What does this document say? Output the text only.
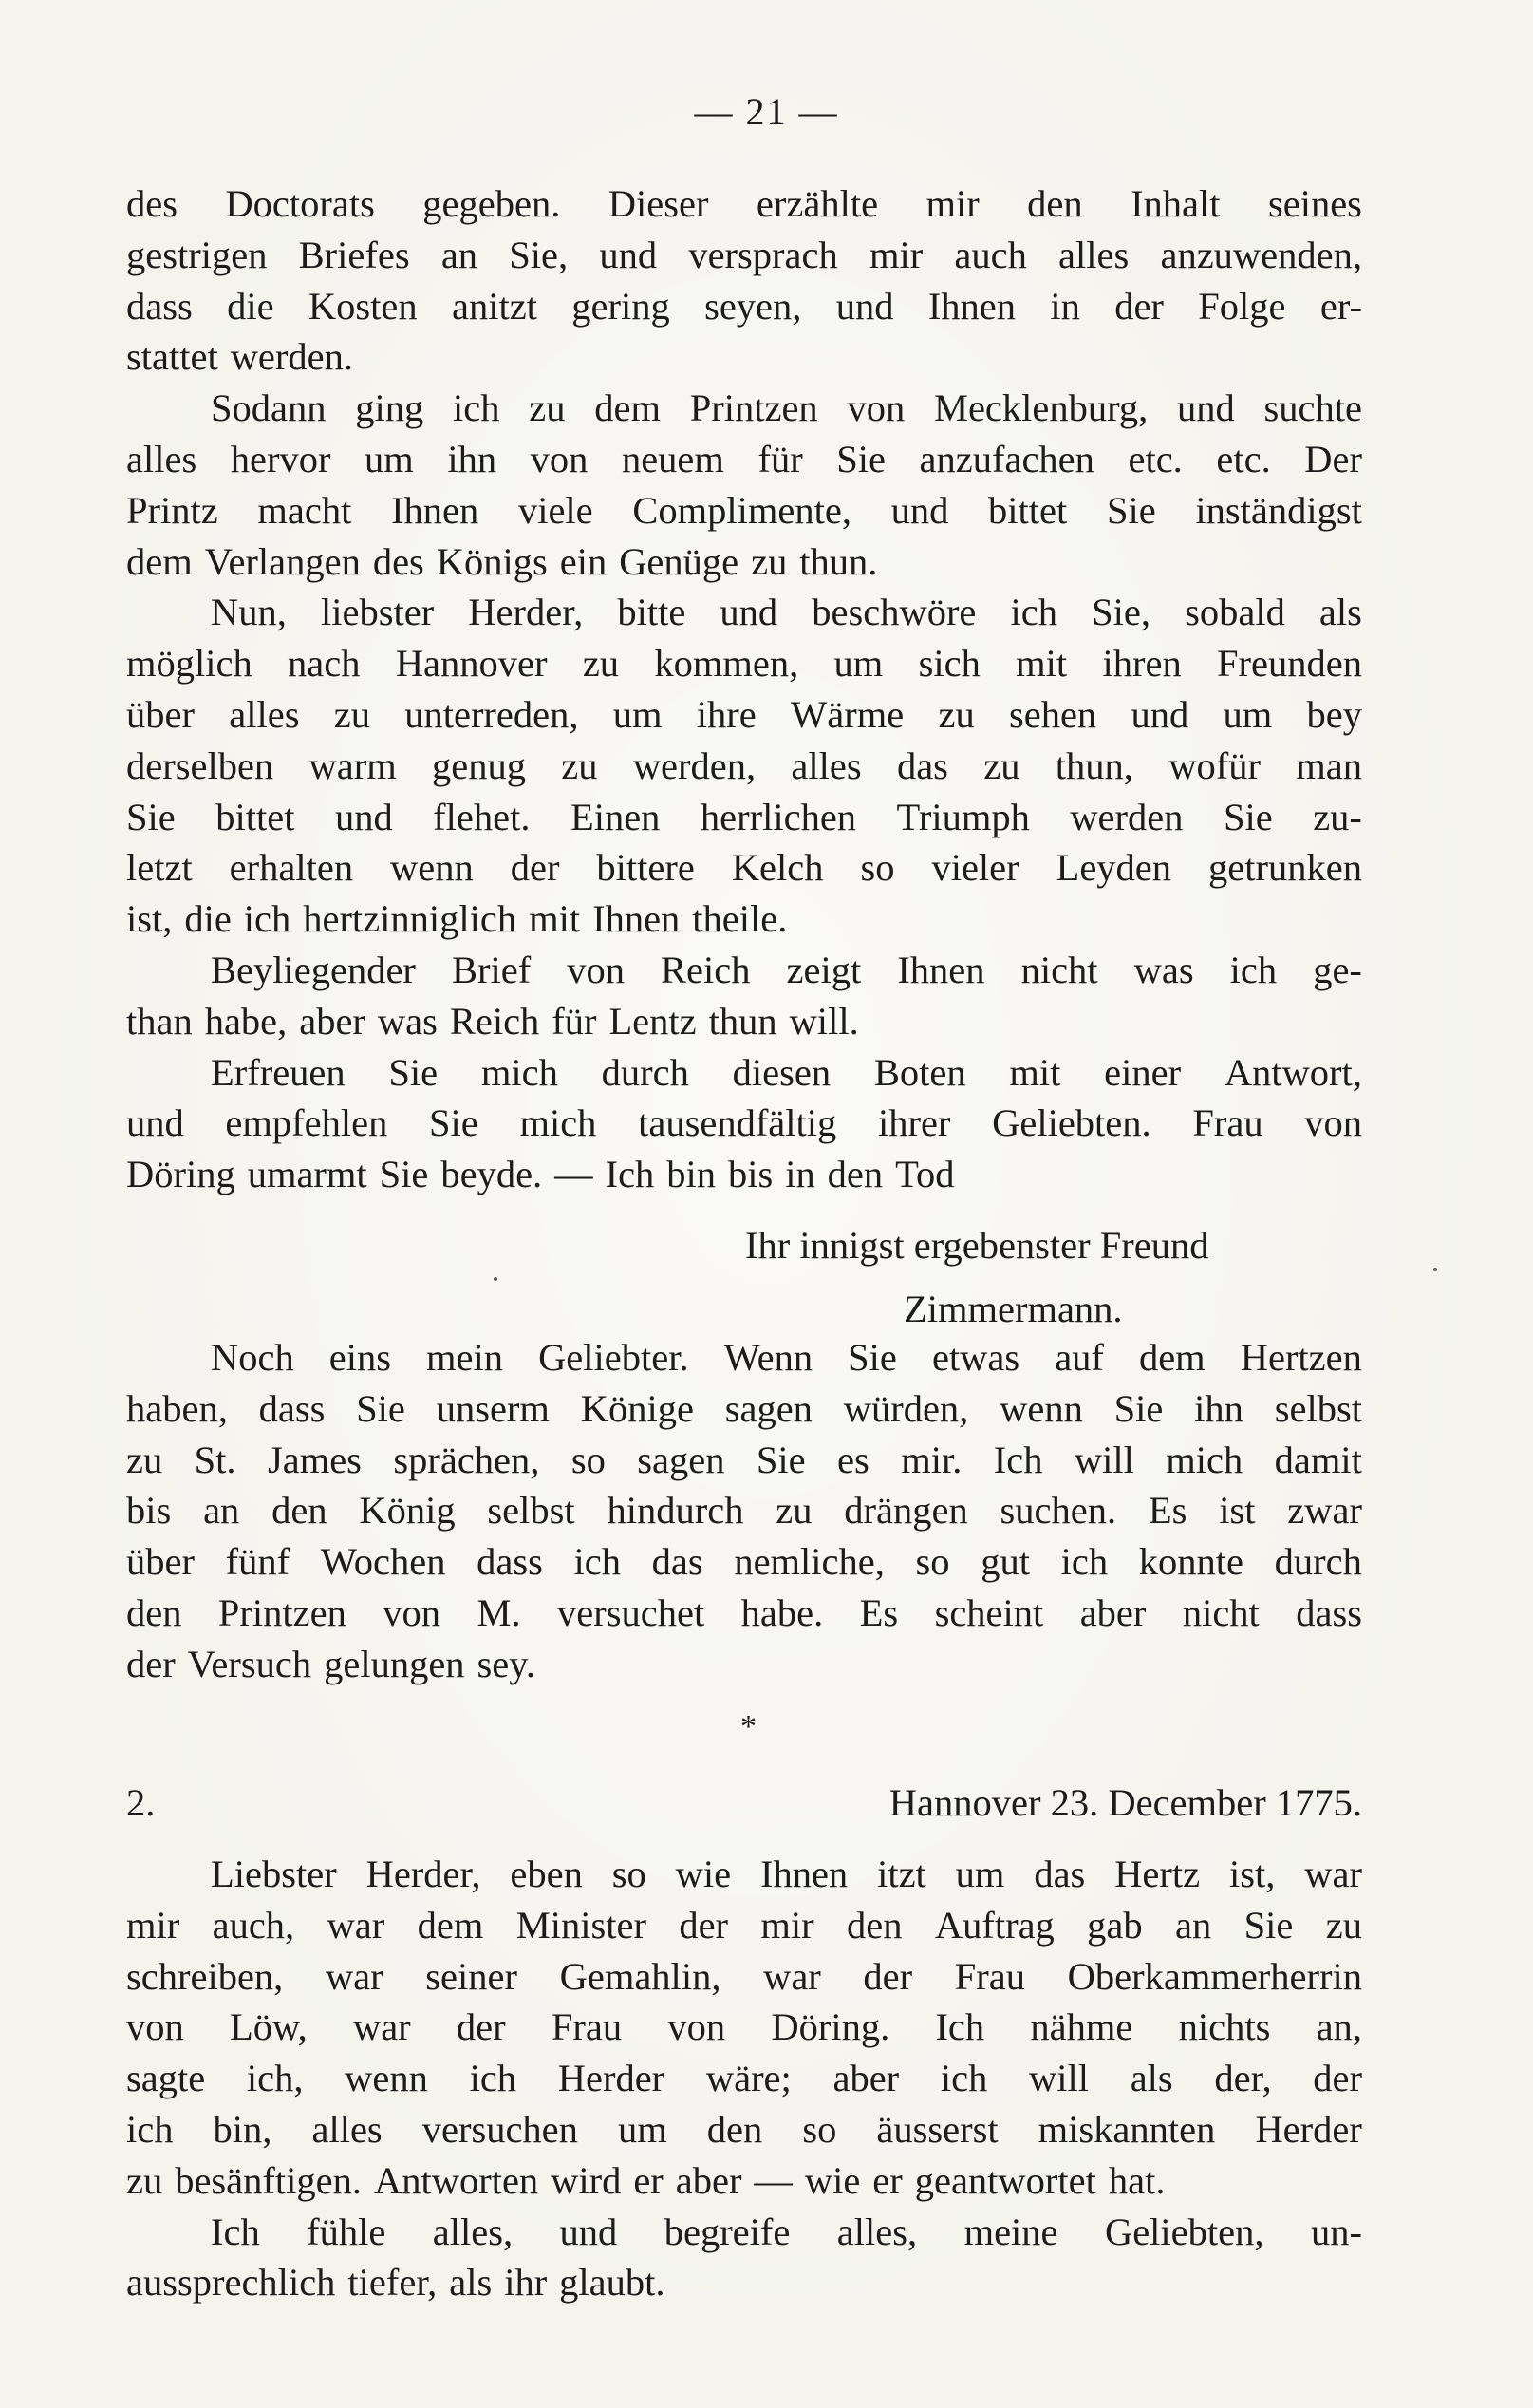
— 21 —
des Doctorats gegeben. Dieser erzählte mir den Inhalt seines
gestrigen Briefes an Sie, und versprach mir auch alles anzuwenden,
dass die Kosten anitzt gering seyen, und Ihnen in der Folge er-
stattet werden.
Sodann ging ich zu dem Printzen von Mecklenburg, und suchte
alles hervor um ihn von neuem für Sie anzufachen etc. etc. Der
Printz macht Ihnen viele Complimente, und bittet Sie inständigst
dem Verlangen des Königs ein Genüge zu thun.
Nun, liebster Herder, bitte und beschwöre ich Sie, sobald als
möglich nach Hannover zu kommen, um sich mit ihren Freunden
über alles zu unterreden, um ihre Wärme zu sehen und um bey
derselben warm genug zu werden, alles das zu thun, wofür man
Sie bittet und flehet. Einen herrlichen Triumph werden Sie zu-
letzt erhalten wenn der bittere Kelch so vieler Leyden getrunken
ist, die ich hertzinniglich mit Ihnen theile.
Beyliegender Brief von Reich zeigt Ihnen nicht was ich ge-
than habe, aber was Reich für Lentz thun will.
Erfreuen Sie mich durch diesen Boten mit einer Antwort,
und empfehlen Sie mich tausendfältig ihrer Geliebten. Frau von
Döring umarmt Sie beyde. — Ich bin bis in den Tod
Ihr innigst ergebenster Freund
Zimmermann.
Noch eins mein Geliebter. Wenn Sie etwas auf dem Hertzen
haben, dass Sie unserm Könige sagen würden, wenn Sie ihn selbst
zu St. James sprächen, so sagen Sie es mir. Ich will mich damit
bis an den König selbst hindurch zu drängen suchen. Es ist zwar
über fünf Wochen dass ich das nemliche, so gut ich konnte durch
den Printzen von M. versuchet habe. Es scheint aber nicht dass
der Versuch gelungen sey.
*
2.	Hannover 23. December 1775.
Liebster Herder, eben so wie Ihnen itzt um das Hertz ist, war
mir auch, war dem Minister der mir den Auftrag gab an Sie zu
schreiben, war seiner Gemahlin, war der Frau Oberkammerherrin
von Löw, war der Frau von Döring. Ich nähme nichts an,
sagte ich, wenn ich Herder wäre; aber ich will als der, der
ich bin, alles versuchen um den so äusserst miskannten Herder
zu besänftigen. Antworten wird er aber — wie er geantwortet hat.
Ich fühle alles, und begreife alles, meine Geliebten, un-
aussprechlich tiefer, als ihr glaubt.
